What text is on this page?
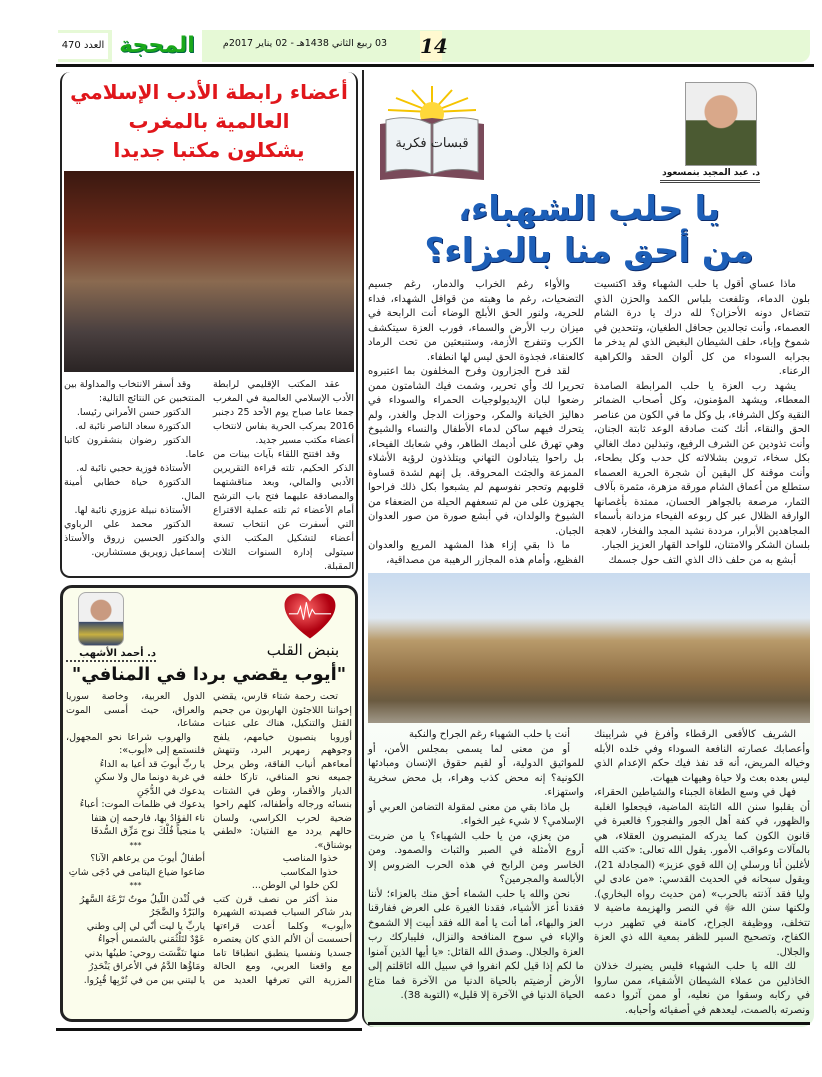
العدد 470 المحجة	03 ربيع الثاني 1438هـ - 02 يناير 2017م	14
د. عبد المجيد بنمسعود
قبسات فكرية
يا حلب الشهباء،
من أحق منا بالعزاء؟

ماذا عساي أقول يا حلب الشهباء وقد اكتسيت بلون الدماء، وتلفعت بلباس الكمد والحزن الذي تتضاءل دونه الأحزان؟ لله درك يا درة الشام العصماء، وأنت تجالدين جحافل الطغيان، وتتحدين في شموخ وإباء، حلف الشيطان البغيض الذي لم يدخر ما بجرابه السوداء من كل ألوان الحقد والكراهية الرعناء.

يشهد رب العزة يا حلب المرابطة الصامدة المعطاء، ويشهد المؤمنون، وكل أصحاب الضمائر النقية وكل الشرفاء، بل وكل ما في الكون من عناصر الحق والنقاء، أنك كنت صادقة الوعد ثابتة الجنان، وأنت تذودين عن الشرف الرفيع، وتبذلين دمك الغالي بكل سخاء، تروين بشلالاته كل حدب وكل بطحاء، وأنت موقنة كل اليقين أن شجرة الحرية العصماء ستطلع من أعماق الشام مورقة مزهرة، مثمرة بآلاف الثمار، مرصعة بالجواهر الحسان، ممتدة بأغصانها الوارفة الظلال عبر كل ربوعه الفيحاء مزدانة بأسماء المجاهدين الأبرار، مرددة نشيد المجد والفخار، لاهجة بلسان الشكر والامتنان، للواحد القهار العزيز الجبار.

أبشع به من حلف ذاك الذي التف حول جسمك

والأواء رغم الخراب والدمار، رغم جسيم التضحيات، رغم ما وهبته من قوافل الشهداء، فداء للحرية، ولنور الحق الأبلج الوضاء أنت الرابحة في ميزان رب الأرض والسماء، فورب العزة سيتكشف الكرب وتنفرج الأزمة، وستنبعثين من تحت الرماد كالعنقاء، فجذوة الحق ليس لها انطفاء.

لقد فرح الجزارون وفرح المخلفون بما اعتبروه تحريرا لك وأي تحرير، وشمت فيك الشامتون ممن رضعوا لبان الإيديولوجيات الحمراء والسوداء في دهاليز الخيانة والمكر، وحوزات الدجل والغدر، ولم يتحرك فيهم ساكن لدماء الأطفال والنساء والشيوخ وهي تهرق على أديمك الطاهر، وفي شعابك الفيحاء، بل راحوا يتبادلون التهاني ويتلذذون لرؤية الأشلاء الممزعة والجثث المحروقة. بل إنهم لشدة قساوة قلوبهم وتحجر نفوسهم لم يشبعوا بكل ذلك فراحوا يجهزون على من لم تسعفهم الحيلة من الضعفاء من الشيوخ والولدان، في أبشع صورة من صور العدوان الجبان.

ما ذا بقي إزاء هذا المشهد المريع والعدوان الفظيع، وأمام هذه المجازر الرهيبة من مصداقية،

الشريف كالأفعى الرقطاء وأفرغ في شرايينك وأعصابك عصارته النافعة السوداء وفي خلده الأبله وخياله المريض، أنه قد نفذ فيك حكم الإعدام الذي ليس بعده بعث ولا حياة وهيهات هيهات.

فهل في وسع الطغاة الجبناء والشياطين الحقراء، أن يقلبوا سنن الله الثابتة الماضية، فيجعلوا الغلبة والظهور، في كفة أهل الجور والفجور؟ فالعبرة في قانون الكون كما يدركه المتبصرون العقلاء، هي بالمآلات وعواقب الأمور. يقول الله تعالى: «كتب الله لأغلبن أنا ورسلي إن الله قوي عزيز» (المجادلة 21)، ويقول سبحانه في الحديث القدسي: «من عادى لي وليا فقد آذنته بالحرب» (من حديث رواه البخاري). ولكنها سنن الله ﷻ في النصر والهزيمة ماضية لا تتخلف، ووظيفة الجراح، كامنة في تطهير درب الكفاح، وتصحيح السير للظفر بمعية الله ذي العزة والجلال.

لك الله يا حلب الشهباء فليس يضيرك خذلان الخاذلين من عملاء الشيطان الأشقياء، ممن ساروا في ركابه وسقوا من نعليه، أو ممن آثروا دعمه ونصرته بالصمت، ليعدهم في أصفيائه وأحبابه.

أنت يا حلب الشهباء رغم الجراح والنكبة

أو من معنى لما يسمى بمجلس الأمن، أو للمواثيق الدولية، أو لقيم حقوق الإنسان ومبادئها الكونية؟ إنه محض كذب وهراء، بل محض سخرية واستهزاء.

بل ماذا بقي من معنى لمقولة التضامن العربي أو الإسلامي؟ لا شيء غير الخواء.

من يعزي، من يا حلب الشهباء؟ يا من ضربت أروع الأمثلة في الصبر والثبات والصمود. ومن الخاسر ومن الرابح في هذه الحرب الضروس إلا الأبالسة والمجرمين؟

نحن والله يا حلب الشماء أحق منك بالعزاء؛ لأننا فقدنا أعز الأشياء، فقدنا الغيرة على العرض ففارقنا العز والبهاء، أما أنت يا أمة الله فقد أبيت إلا الشموخ والإباء في سوح المنافحة والنزال، فليباركك رب العزة والجلال. وصدق الله القائل: «يا أيها الذين آمنوا ما لكم إذا قيل لكم انفروا في سبيل الله اثاقلتم إلى الأرض أرضيتم بالحياة الدنيا من الآخرة فما متاع الحياة الدنيا في الآخرة إلا قليل» (التوبة 38).

أعضاء رابطة الأدب الإسلامي
العالمية بالمغرب
يشكلون مكتبا جديدا

عقد المكتب الإقليمي لرابطة الأدب الإسلامي العالمية في المغرب جمعا عاما صباح يوم الأحد 25 دجنبر 2016 بمركب الحرية بفاس لانتخاب أعضاء مكتب مسير جديد.

وقد افتتح اللقاء بآيات بينات من الذكر الحكيم، تلته قراءة التقريرين الأدبي والمالي، وبعد مناقشتهما والمصادقة عليهما فتح باب الترشح أمام الأعضاء ثم تلته عملية الاقتراع التي أسفرت عن انتخاب تسعة أعضاء لتشكيل المكتب الذي سيتولى إدارة السنوات الثلاث المقبلة.

وقد أسفر الانتخاب والمداولة بين المنتخبين عن النتائج التالية:

الدكتور حسن الأمراني رئيسا.

الدكتورة سعاد الناصر نائبة له.

الدكتور رضوان بنشقرون كاتبا عاما.

الأستاذة فوزية حجبي نائبة له.

الدكتورة حياة خطابي أمينة المال.

الأستاذة نبيلة عزوزي نائبة لها.

الدكتور محمد علي الرباوي والدكتور الحسين زروق والأستاذ إسماعيل زويريق مستشارين.

د. أحمد الأشهب	بنبض القلب
"أيوب يقضي بردا في المنافي"

تحت رحمة شتاء قارس، يقضي إخواننا اللاجئون الهاربون من جحيم القتل والتنكيل، هناك على عتبات أوروبا ينصبون خيامهم، يلفح وجوههم زمهرير البرد، وتنهش أمعاءهم أنياب الفاقة، وطن يرحل جميعه نحو المنافي، تاركا خلفه الديار والأقمار، وطن في الشتات بنسائه ورجاله وأطفاله، كلهم راحوا ضحية لحرب الكراسي، ولسان حالهم يردد مع الفتيان: «لطفي بوشناق».

خذوا المناصب

خذوا المكاسب

لكن خلوا لي الوطن...

منذ أكثر من نصف قرن كتب بدر شاكر السياب قصيدته الشهيرة «أيوب» وكلما أعدت قراءتها أحسست أن الألم الذي كان يعتصره جسديا ونفسيا ينطبق انطباقا تاما مع واقعنا العربي، ومع الحالة المزرية التي تعرفها العديد من الدول العربية، وخاصة سوريا والعراق، حيث أمسى الموت مشاعا،

والهروب شراعا نحو المجهول، فلنستمع إلى «أيوب»:

يا ربِّ أيوبَ قد أعيا به الداءُ

في غربة دونما مال ولا سكنِ

يدعوك في الدُّجَنِ

يدعوك في ظلمات الموت: أعباءُ

ناء الفؤادُ بها، فارحمه إن هتفا

يا منجياً فُلْكَ نوح مَزِّق السُّدفَا

***

أطفالُ أيوبَ من يرعاهم الآنا؟

ضاعوا ضياع اليتامى في دُجَى شاتِ

***

في لُنْدن اللّيلُ موتٌ تَرْعَهُ السَّهرُ

والبَرْدُ والضَّجَرُ

ياربِّ يا ليت أنّي لي إلى وطني

عَوْدٌ لتَلْثُمَني بالشمس أجواءُ

منها تنَفَّسَت روحي: طينُها بدني

ومَاؤُها الدَّمُ في الأعراق يَنْحَدِرُ

يا ليتني بين من في تُرْبِها قُبِرُوا.
